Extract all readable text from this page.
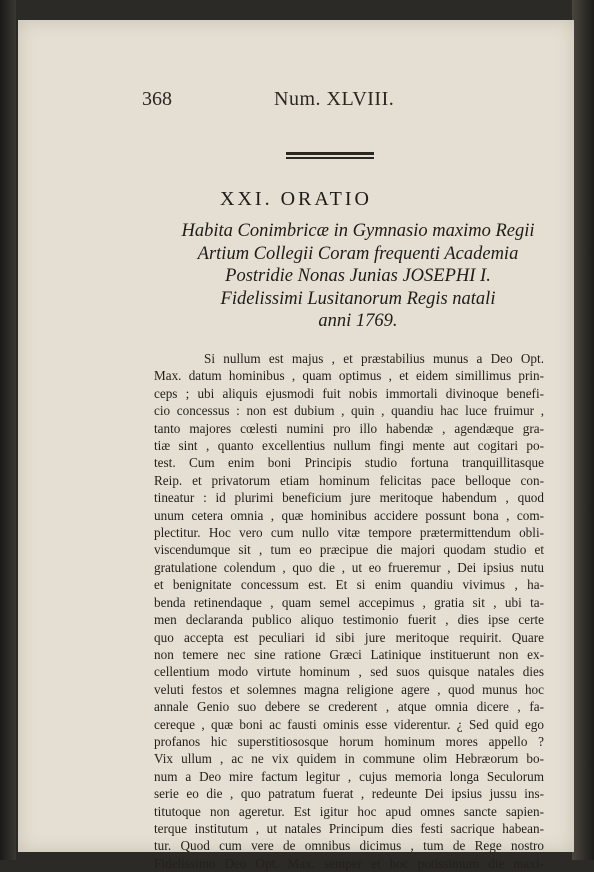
368	Num. XLVIII.
XXI. ORATIO
Habita Conimbricæ in Gymnasio maximo Regii
Artium Collegii Coram frequenti Academia
Postridie Nonas Junias JOSEPHI I.
Fidelissimi Lusitanorum Regis natali
anni 1769.
Si nullum est majus , et præstabilius munus a Deo Opt.
Max. datum hominibus , quam optimus , et eidem simillimus prin-
ceps ; ubi aliquis ejusmodi fuit nobis immortali divinoque benefi-
cio concessus : non est dubium , quin , quandiu hac luce fruimur ,
tanto majores cœlesti numini pro illo habendæ , agendæque gra-
tiæ sint , quanto excellentius nullum fingi mente aut cogitari po-
test. Cum enim boni Principis studio fortuna tranquillitasque
Reip. et privatorum etiam hominum felicitas pace belloque con-
tineatur : id plurimi beneficium jure meritoque habendum , quod
unum cetera omnia , quæ hominibus accidere possunt bona , com-
plectitur. Hoc vero cum nullo vitæ tempore prætermittendum obli-
viscendumque sit , tum eo præcipue die majori quodam studio et
gratulatione colendum , quo die , ut eo frueremur , Dei ipsius nutu
et benignitate concessum est. Et si enim quandiu vivimus , ha-
benda retinendaque , quam semel accepimus , gratia sit , ubi ta-
men declaranda publico aliquo testimonio fuerit , dies ipse certe
quo accepta est peculiari id sibi jure meritoque requirit. Quare
non temere nec sine ratione Græci Latinique instituerunt non ex-
cellentium modo virtute hominum , sed suos quisque natales dies
veluti festos et solemnes magna religione agere , quod munus hoc
annale Genio suo debere se crederent , atque omnia dicere , fa-
cereque , quæ boni ac fausti ominis esse viderentur. ¿ Sed quid ego
profanos hic superstitiososque horum hominum mores appello ?
Vix ullum , ac ne vix quidem in commune olim Hebræorum bo-
num a Deo mire factum legitur , cujus memoria longa Seculorum
serie eo die , quo patratum fuerat , redeunte Dei ipsius jussu ins-
titutoque non ageretur. Est igitur hoc apud omnes sancte sapien-
terque institutum , ut natales Principum dies festi sacrique habean-
tur. Quod cum vere de omnibus dicimus , tum de Rege nostro
Fidelissimo Deo Opt. Max. semper et hoc potissimum die maxi-
